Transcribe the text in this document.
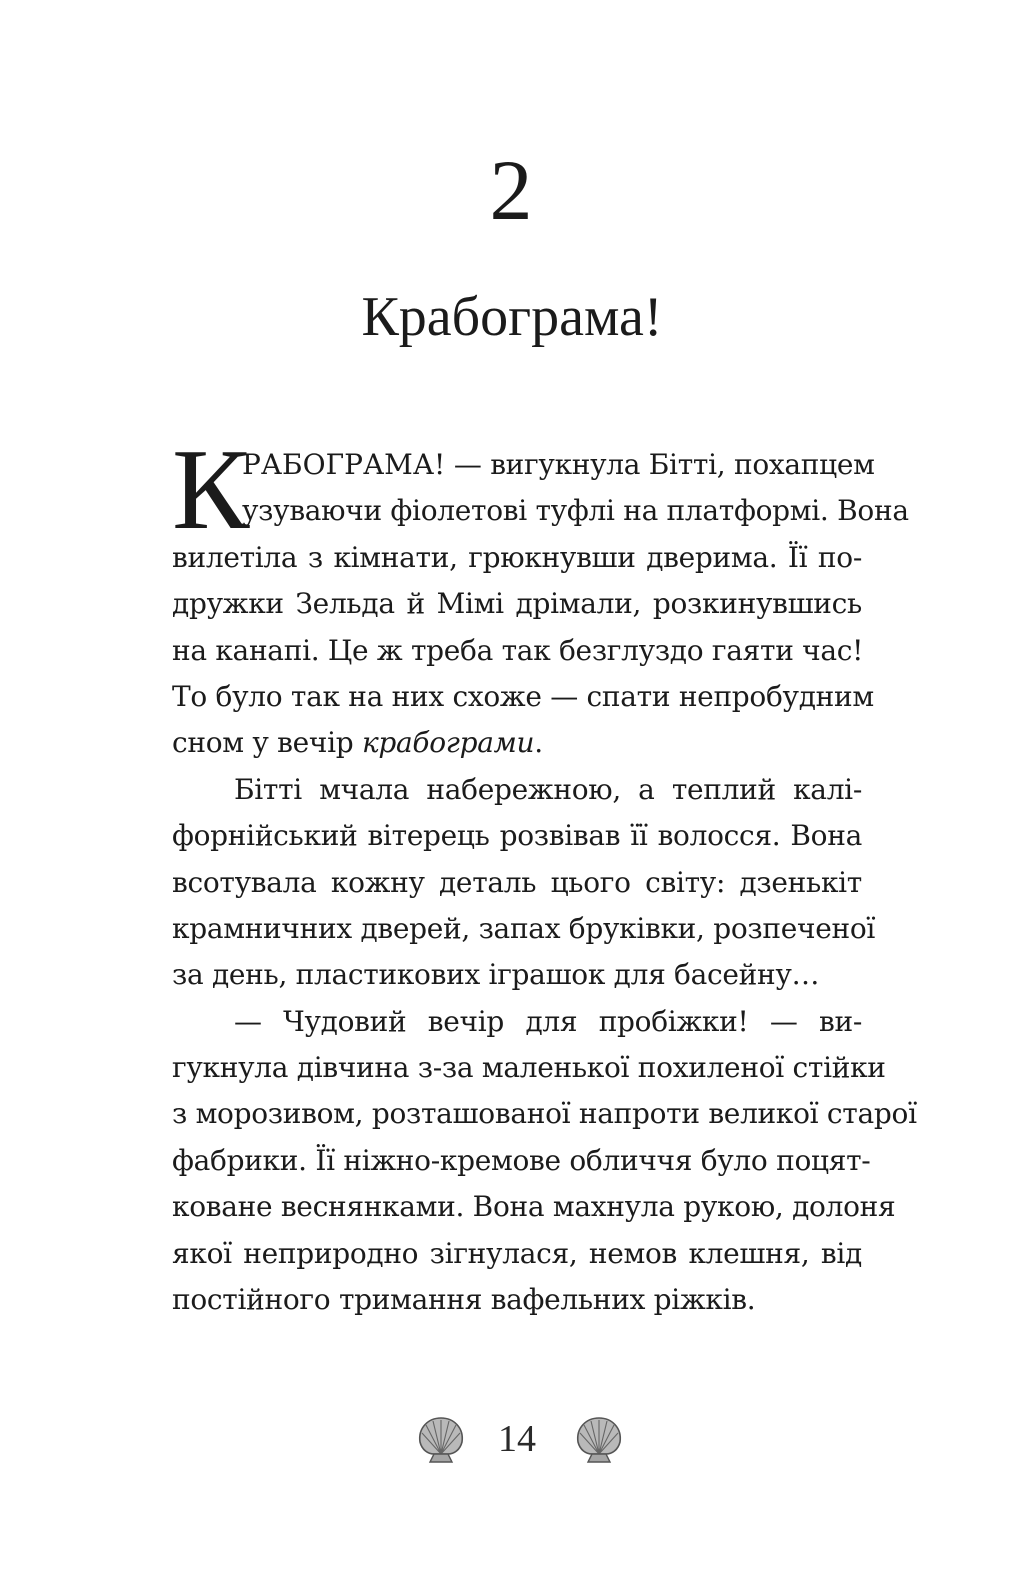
2
Крабограма!
К
РАБОГРАМА! — вигукнула Бітті, похапцем
узуваючи фіолетові туфлі на платформі. Вона
вилетіла з кімнати, грюкнувши дверима. Її по-
дружки Зельда й Мімі дрімали, розкинувшись
на канапі. Це ж треба так безглуздо гаяти час!
То було так на них схоже — спати непробудним
сном у вечір крабограми.
Бітті мчала набережною, а теплий калі-
форнійський вітерець розвівав її волосся. Вона
всотувала кожну деталь цього світу: дзенькіт
крамничних дверей, запах бруківки, розпеченої
за день, пластикових іграшок для басейну…
— Чудовий вечір для пробіжки! — ви-
гукнула дівчина з-за маленької похиленої стійки
з морозивом, розташованої напроти великої старої
фабрики. Її ніжно-кремове обличчя було поцят-
коване веснянками. Вона махнула рукою, долоня
якої неприродно зігнулася, немов клешня, від
постійного тримання вафельних ріжків.
14
